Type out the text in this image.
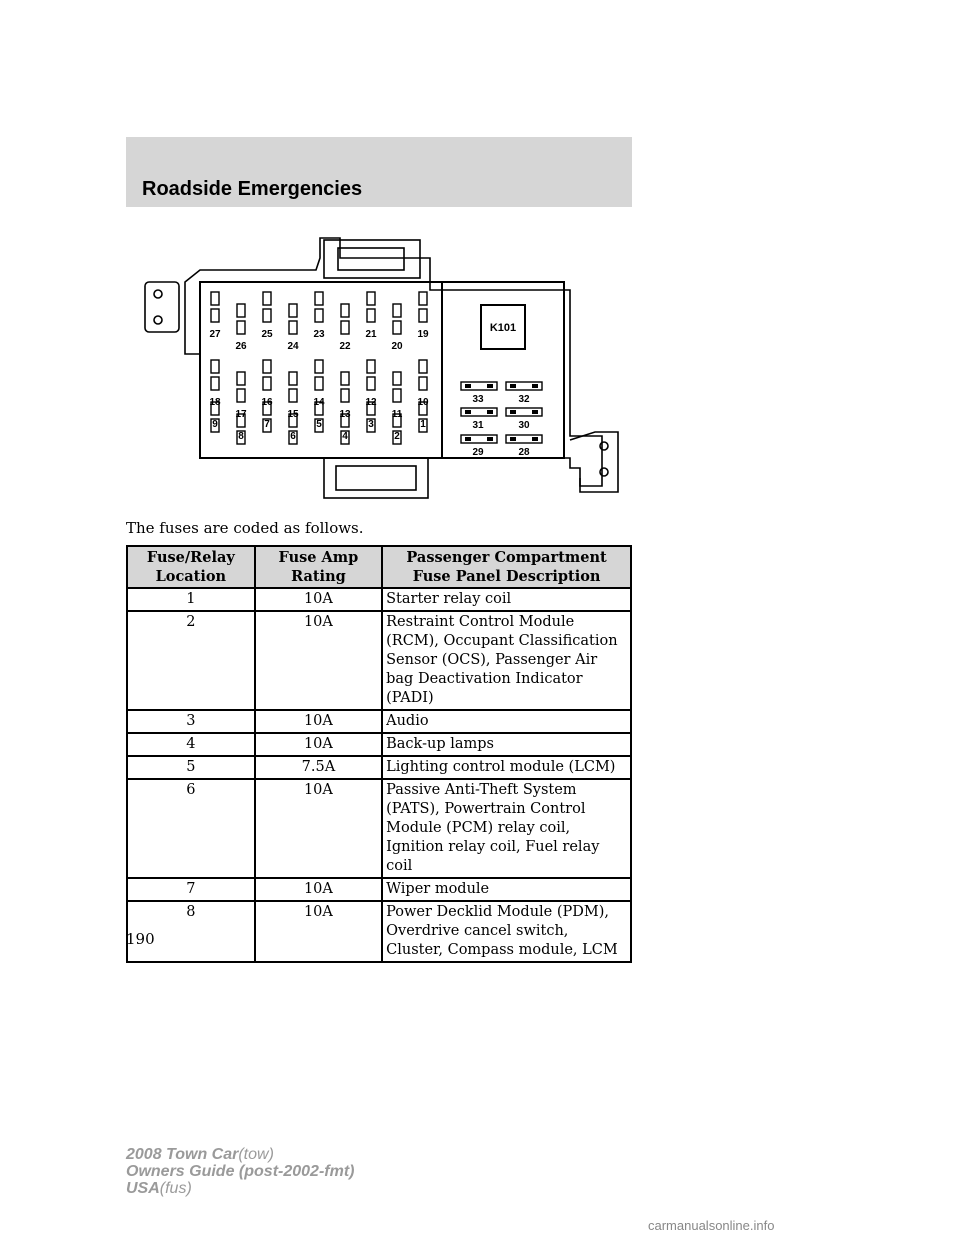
Roadside Emergencies
27
26
25
24
23
22
21
20
19
18
17
16
15
14
13
12
11
10
9
8
7
6
5
4
3
2
1
K101
33	32
31	30
29	28
The fuses are coded as follows.
Fuse/Relay Location	Fuse Amp Rating	Passenger Compartment Fuse Panel Description
1	10A	Starter relay coil
2	10A	Restraint Control Module (RCM), Occupant Classification Sensor (OCS), Passenger Air bag Deactivation Indicator (PADI)
3	10A	Audio
4	10A	Back-up lamps
5	7.5A	Lighting control module (LCM)
6	10A	Passive Anti-Theft System (PATS), Powertrain Control Module (PCM) relay coil, Ignition relay coil, Fuel relay coil
7	10A	Wiper module
8	10A	Power Decklid Module (PDM), Overdrive cancel switch, Cluster, Compass module, LCM
190
2008 Town Car(tow)
Owners Guide (post-2002-fmt)
USA(fus)
carmanualsonline.info
